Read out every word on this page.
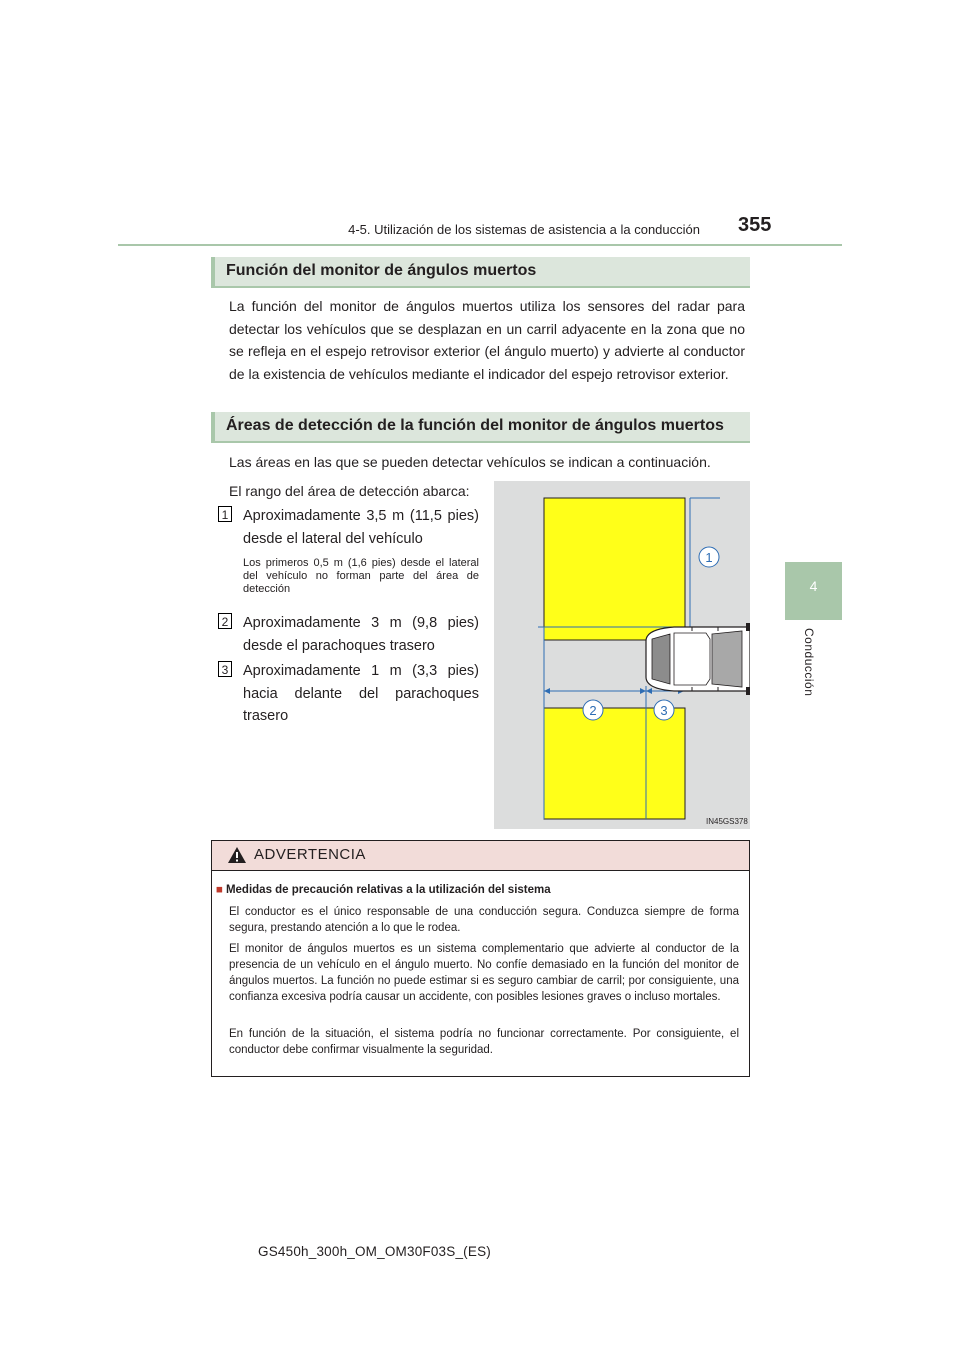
4-5. Utilización de los sistemas de asistencia a la conducción 355
4
Conducción
Función del monitor de ángulos muertos
La función del monitor de ángulos muertos utiliza los sensores del radar para detectar los vehículos que se desplazan en un carril adyacente en la zona que no se refleja en el espejo retrovisor exterior (el ángulo muerto) y advierte al conductor de la existencia de vehículos mediante el indicador del espejo retrovisor exterior.
Áreas de detección de la función del monitor de ángulos muertos
Las áreas en las que se pueden detectar vehículos se indican a continuación.
El rango del área de detección abarca:
1 Aproximadamente 3,5 m (11,5 pies) desde el lateral del vehículo
Los primeros 0,5 m (1,6 pies) desde el lateral del vehículo no forman parte del área de detección
2 Aproximadamente 3 m (9,8 pies) desde el parachoques trasero
3 Aproximadamente 1 m (3,3 pies) hacia delante del parachoques trasero
1
2	3
IN45GS378
ADVERTENCIA
■ Medidas de precaución relativas a la utilización del sistema
El conductor es el único responsable de una conducción segura. Conduzca siempre de forma segura, prestando atención a lo que le rodea.
El monitor de ángulos muertos es un sistema complementario que advierte al conductor de la presencia de un vehículo en el ángulo muerto. No confíe demasiado en la función del monitor de ángulos muertos. La función no puede estimar si es seguro cambiar de carril; por consiguiente, una confianza excesiva podría causar un accidente, con posibles lesiones graves o incluso mortales.
En función de la situación, el sistema podría no funcionar correctamente. Por consiguiente, el conductor debe confirmar visualmente la seguridad.
GS450h_300h_OM_OM30F03S_(ES)
